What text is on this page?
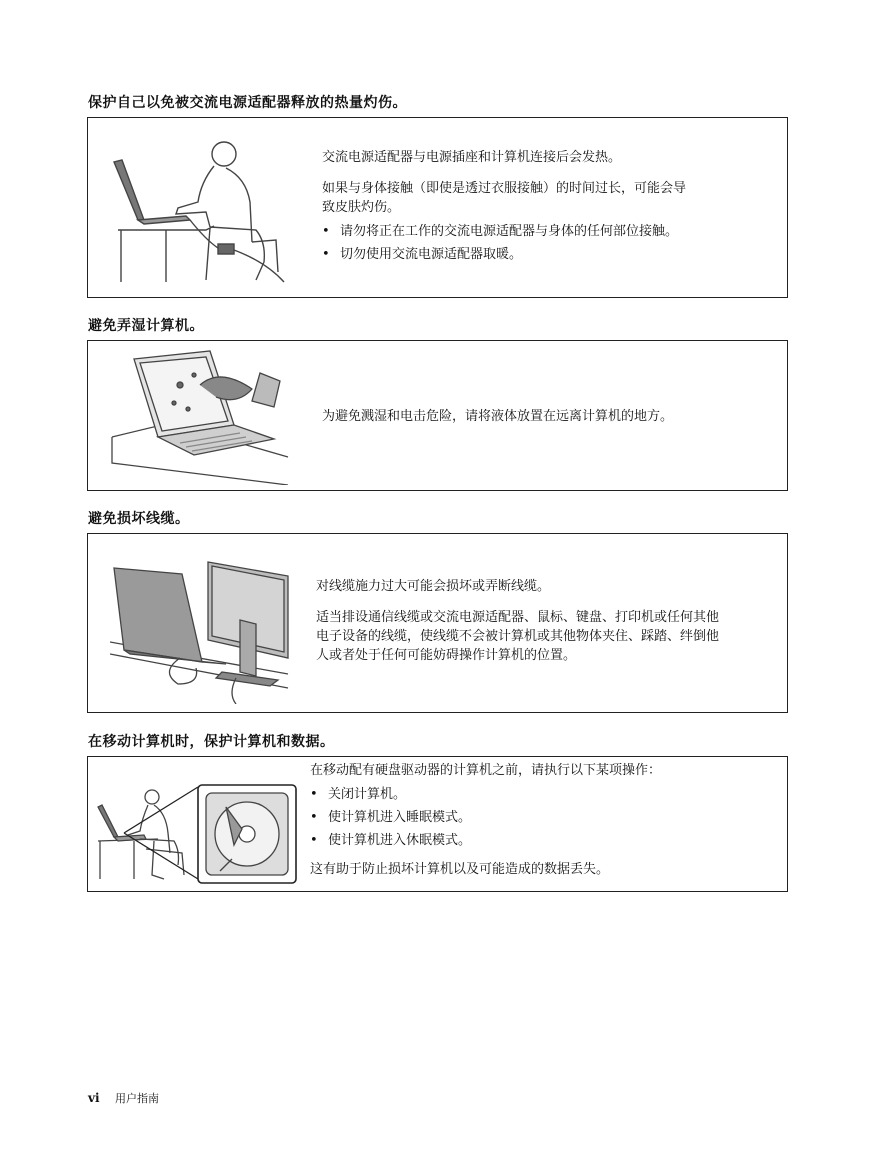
保护自己以免被交流电源适配器释放的热量灼伤。

交流电源适配器与电源插座和计算机连接后会发热。

如果与身体接触（即使是透过衣服接触）的时间过长，可能会导

致皮肤灼伤。

• 请勿将正在工作的交流电源适配器与身体的任何部位接触。

• 切勿使用交流电源适配器取暖。

避免弄湿计算机。

为避免溅湿和电击危险，请将液体放置在远离计算机的地方。

避免损坏线缆。

对线缆施力过大可能会损坏或弄断线缆。

适当排设通信线缆或交流电源适配器、鼠标、键盘、打印机或任何其他

电子设备的线缆，使线缆不会被计算机或其他物体夹住、踩踏、绊倒他

人或者处于任何可能妨碍操作计算机的位置。

在移动计算机时，保护计算机和数据。

在移动配有硬盘驱动器的计算机之前，请执行以下某项操作：

• 关闭计算机。

• 使计算机进入睡眠模式。

• 使计算机进入休眠模式。

这有助于防止损坏计算机以及可能造成的数据丢失。

vi 用户指南
